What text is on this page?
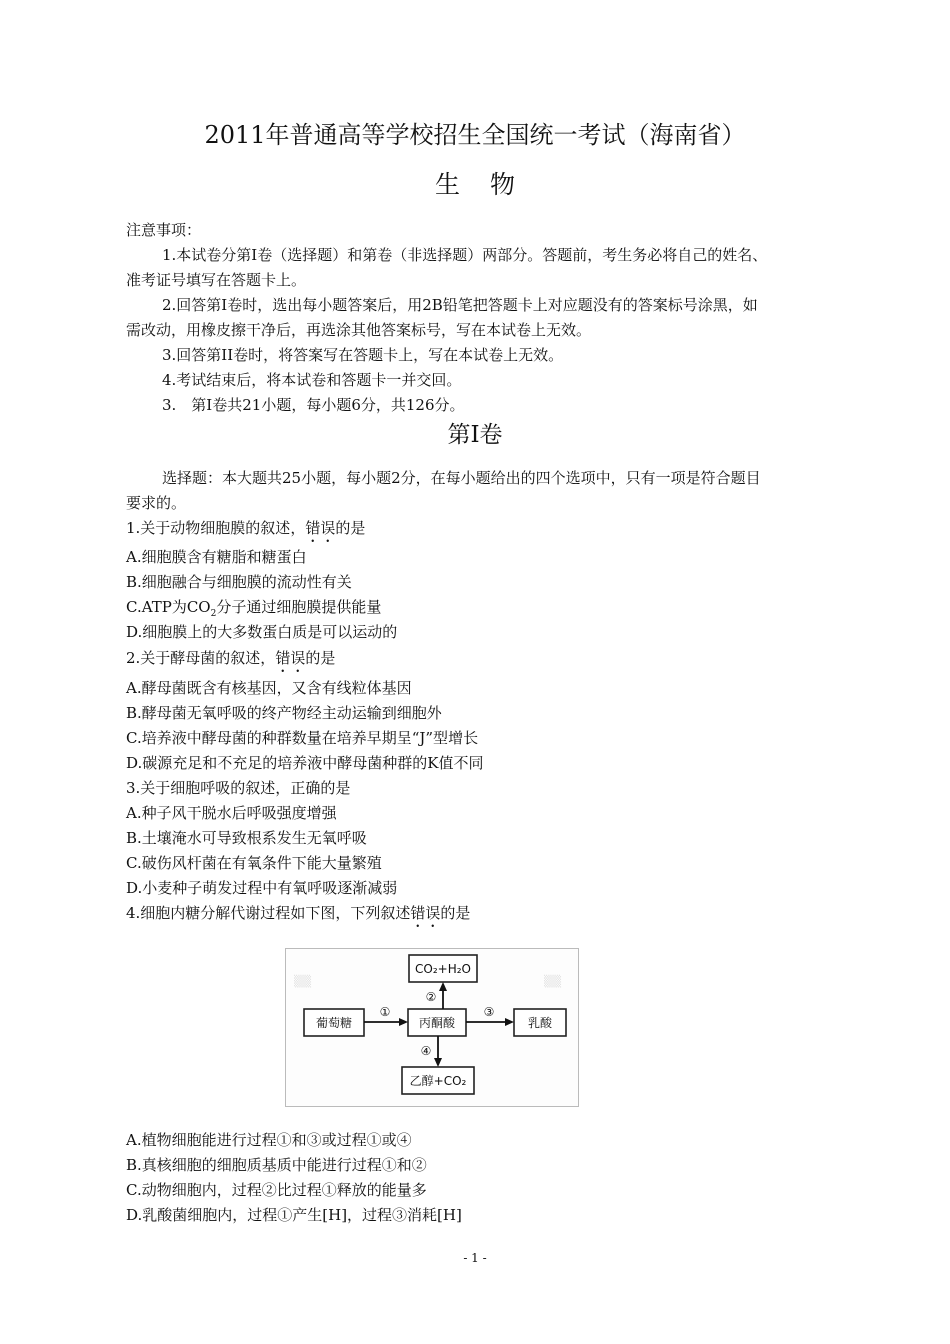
2011年普通高等学校招生全国统一考试（海南省）
生物
注意事项：
1.本试卷分第Ⅰ卷（选择题）和第卷（非选择题）两部分。答题前，考生务必将自己的姓名、
准考证号填写在答题卡上。
2.回答第Ⅰ卷时，选出每小题答案后，用2B铅笔把答题卡上对应题没有的答案标号涂黑，如
需改动，用橡皮擦干净后，再选涂其他答案标号，写在本试卷上无效。
3.回答第II卷时，将答案写在答题卡上，写在本试卷上无效。
4.考试结束后，将本试卷和答题卡一并交回。
3.　第Ⅰ卷共21小题，每小题6分，共126分。
第Ⅰ卷
选择题：本大题共25小题，每小题2分，在每小题给出的四个选项中，只有一项是符合题目
要求的。
1.关于动物细胞膜的叙述，错误的是
A.细胞膜含有糖脂和糖蛋白
B.细胞融合与细胞膜的流动性有关
C.ATP为$CO_2$分子通过细胞膜提供能量
D.细胞膜上的大多数蛋白质是可以运动的
2.关于酵母菌的叙述，错误的是
A.酵母菌既含有核基因，又含有线粒体基因
B.酵母菌无氧呼吸的终产物经主动运输到细胞外
C.培养液中酵母菌的种群数量在培养早期呈“J”型增长
D.碳源充足和不充足的培养液中酵母菌种群的K值不同
3.关于细胞呼吸的叙述，正确的是
A.种子风干脱水后呼吸强度增强
B.土壤淹水可导致根系发生无氧呼吸
C.破伤风杆菌在有氧条件下能大量繁殖
D.小麦种子萌发过程中有氧呼吸逐渐减弱
4.细胞内糖分解代谢过程如下图，下列叙述错误的是
▒▒	▒▒
CO₂+H₂O
葡萄糖	丙酮酸	乳酸
乙醇+CO₂
①
②
③
④
A.植物细胞能进行过程①和③或过程①或④
B.真核细胞的细胞质基质中能进行过程①和②
C.动物细胞内，过程②比过程①释放的能量多
D.乳酸菌细胞内，过程①产生[H]，过程③消耗[H]
- 1 -
